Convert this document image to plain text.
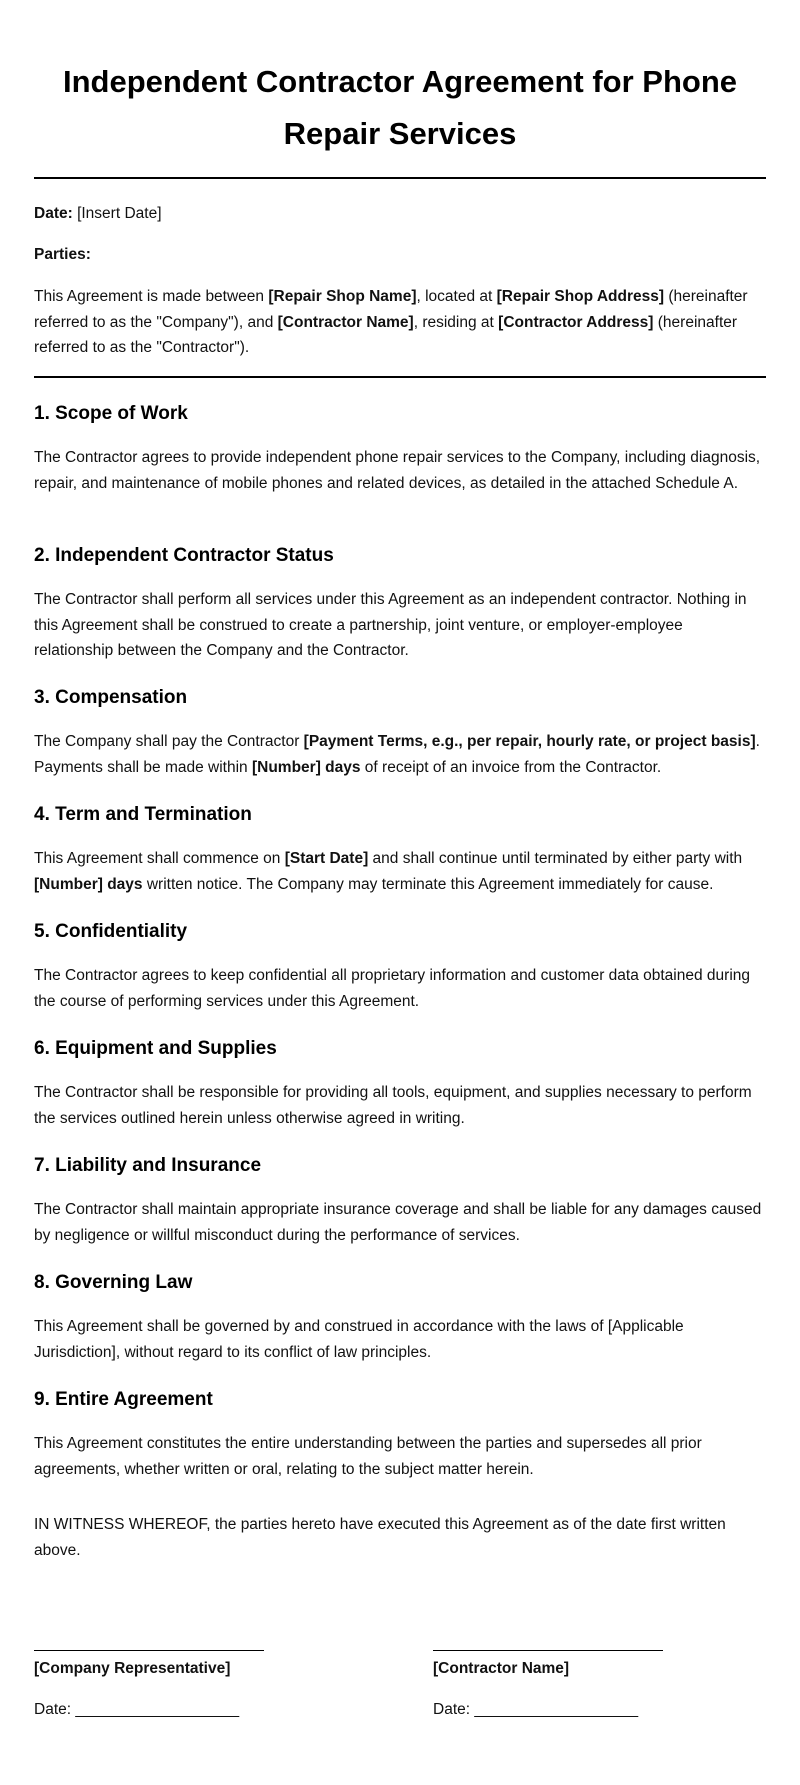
Independent Contractor Agreement for Phone Repair Services

Date: [Insert Date]

Parties:

This Agreement is made between [Repair Shop Name], located at [Repair Shop Address] (hereinafter referred to as the "Company"), and [Contractor Name], residing at [Contractor Address] (hereinafter referred to as the "Contractor").

1. Scope of Work

The Contractor agrees to provide independent phone repair services to the Company, including diagnosis, repair, and maintenance of mobile phones and related devices, as detailed in the attached Schedule A.

2. Independent Contractor Status

The Contractor shall perform all services under this Agreement as an independent contractor. Nothing in this Agreement shall be construed to create a partnership, joint venture, or employer-employee relationship between the Company and the Contractor.

3. Compensation

The Company shall pay the Contractor [Payment Terms, e.g., per repair, hourly rate, or project basis]. Payments shall be made within [Number] days of receipt of an invoice from the Contractor.

4. Term and Termination

This Agreement shall commence on [Start Date] and shall continue until terminated by either party with [Number] days written notice. The Company may terminate this Agreement immediately for cause.

5. Confidentiality

The Contractor agrees to keep confidential all proprietary information and customer data obtained during the course of performing services under this Agreement.

6. Equipment and Supplies

The Contractor shall be responsible for providing all tools, equipment, and supplies necessary to perform the services outlined herein unless otherwise agreed in writing.

7. Liability and Insurance

The Contractor shall maintain appropriate insurance coverage and shall be liable for any damages caused by negligence or willful misconduct during the performance of services.

8. Governing Law

This Agreement shall be governed by and construed in accordance with the laws of [Applicable Jurisdiction], without regard to its conflict of law principles.

9. Entire Agreement

This Agreement constitutes the entire understanding between the parties and supersedes all prior agreements, whether written or oral, relating to the subject matter herein.

IN WITNESS WHEREOF, the parties hereto have executed this Agreement as of the date first written above.

[Company Representative]	[Contractor Name]
Date: ___________________	Date: ___________________
